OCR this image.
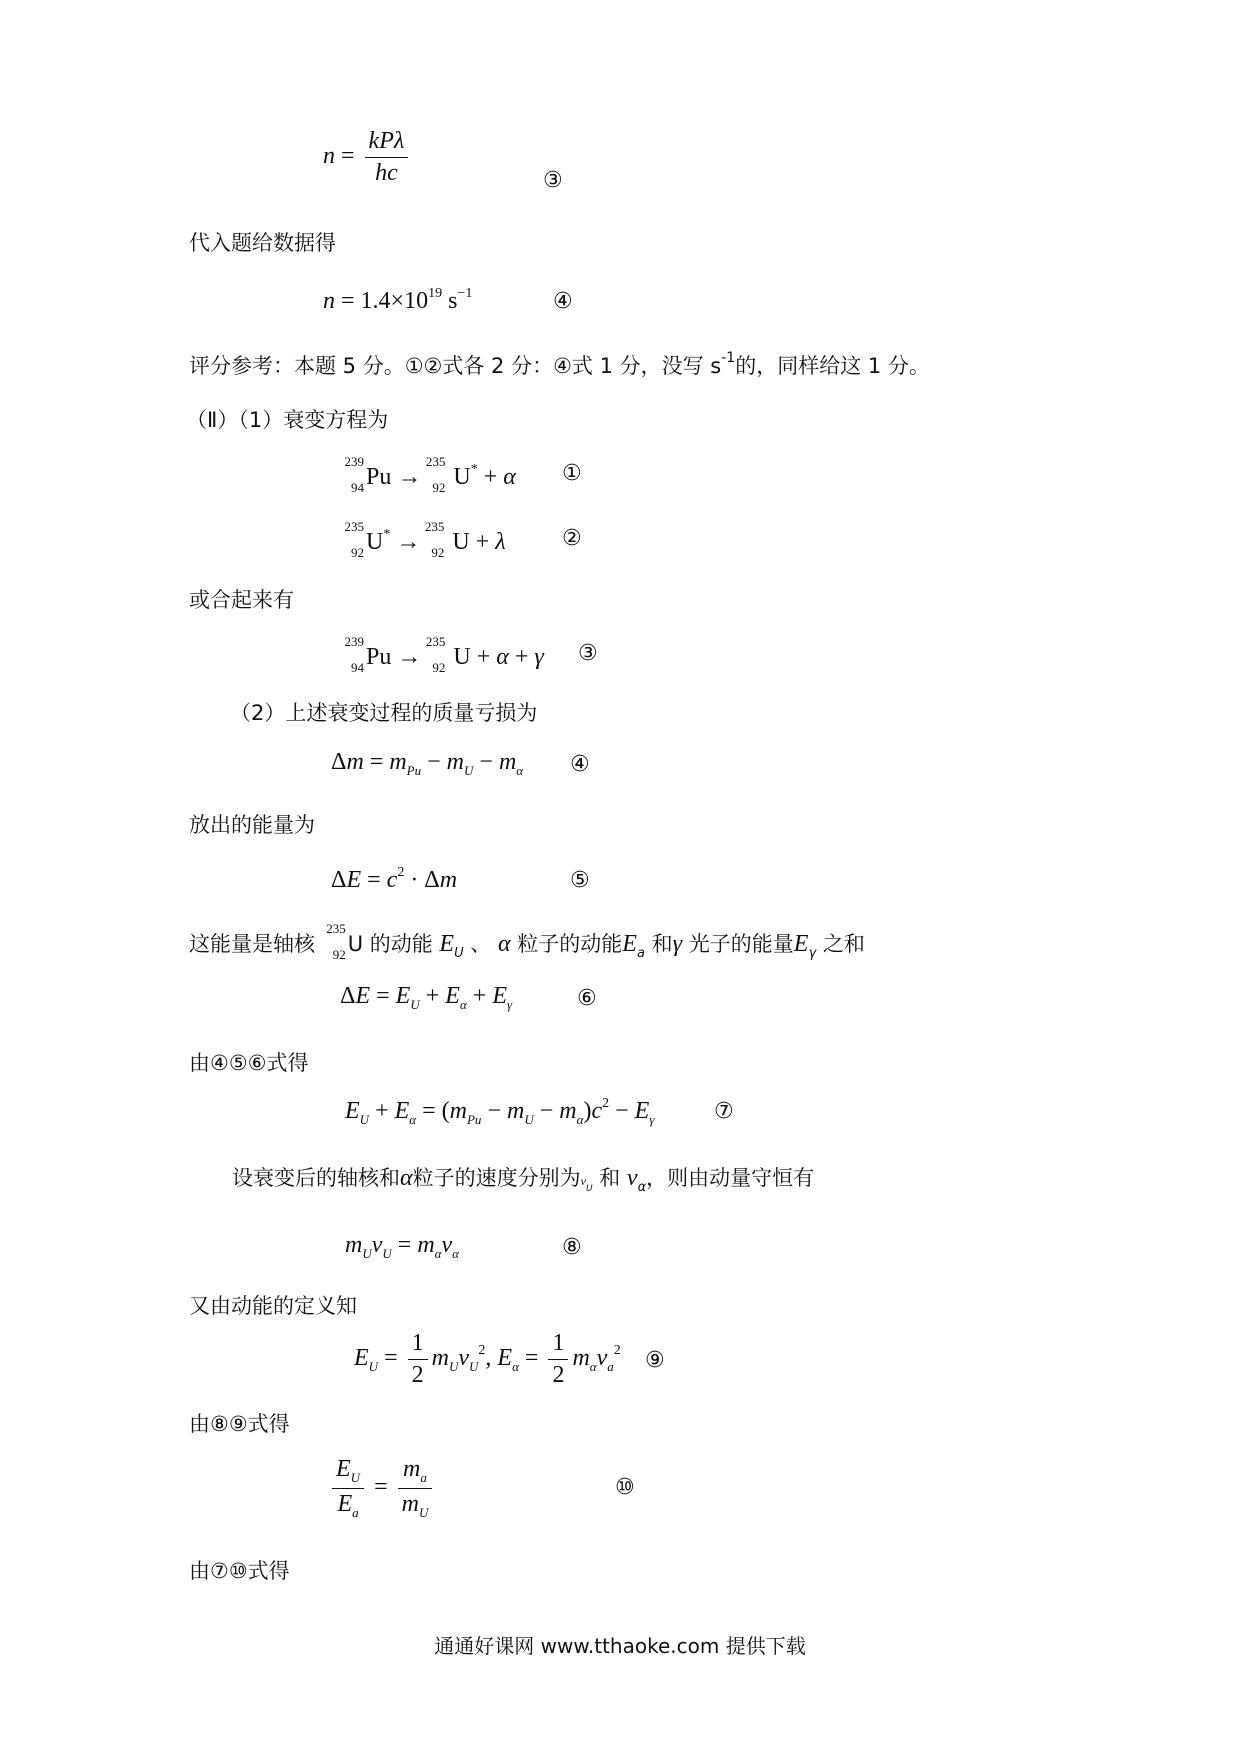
$n = \frac{\text{kPλ}}{hc}$	③
代入题给数据得
$n = 1.4\times 10^{19}$ $s^{-1}$	④
评分参考：本题 5 分。①②式各 2 分：④式 1 分，没写 $s^{-1}$的，同样给这 1 分。
（Ⅱ）（1）衰变方程为
239
94 Pu →
235
92 U* + α ①
235
92 U* →
235
92 U + λ	②
或合起来有
239
94 Pu →
235
92 U + α + γ ③
（2）上述衰变过程的质量亏损为
$\Delta m = m_{Pu} - m_U - m_\alpha$ ④
放出的能量为
$\Delta E = c^2 \cdot \Delta m$	⑤
这能量是轴核
235
92 U 的动能 $E_U$ 、 α 粒子的动能$E_a$ 和γ 光子的能量$E_\gamma$ 之和
$\Delta E = E_U + E_\alpha + E_\gamma$	⑥
由④⑤⑥式得
$E_U + E_\alpha = (m_{Pu} - m_U - m_\alpha)c^2 - E_\gamma$	⑦
设衰变后的轴核和α粒子的速度分别为$v_U$ 和 $v_\alpha$，则由动量守恒有
$m_Uv_U = m_\alpha v_\alpha$	⑧
又由动能的定义知
$E_U = \frac{1}{2} m_Uv_U^2$, $E_\alpha = \frac{1}{2} m_\alpha v_a^2$ ⑨
由⑧⑨式得
$\frac{E_U}{E_a} = \frac{m_a}{m_U}$	⑩
由⑦⑩式得
通通好课网 www.tthaoke.com 提供下载
